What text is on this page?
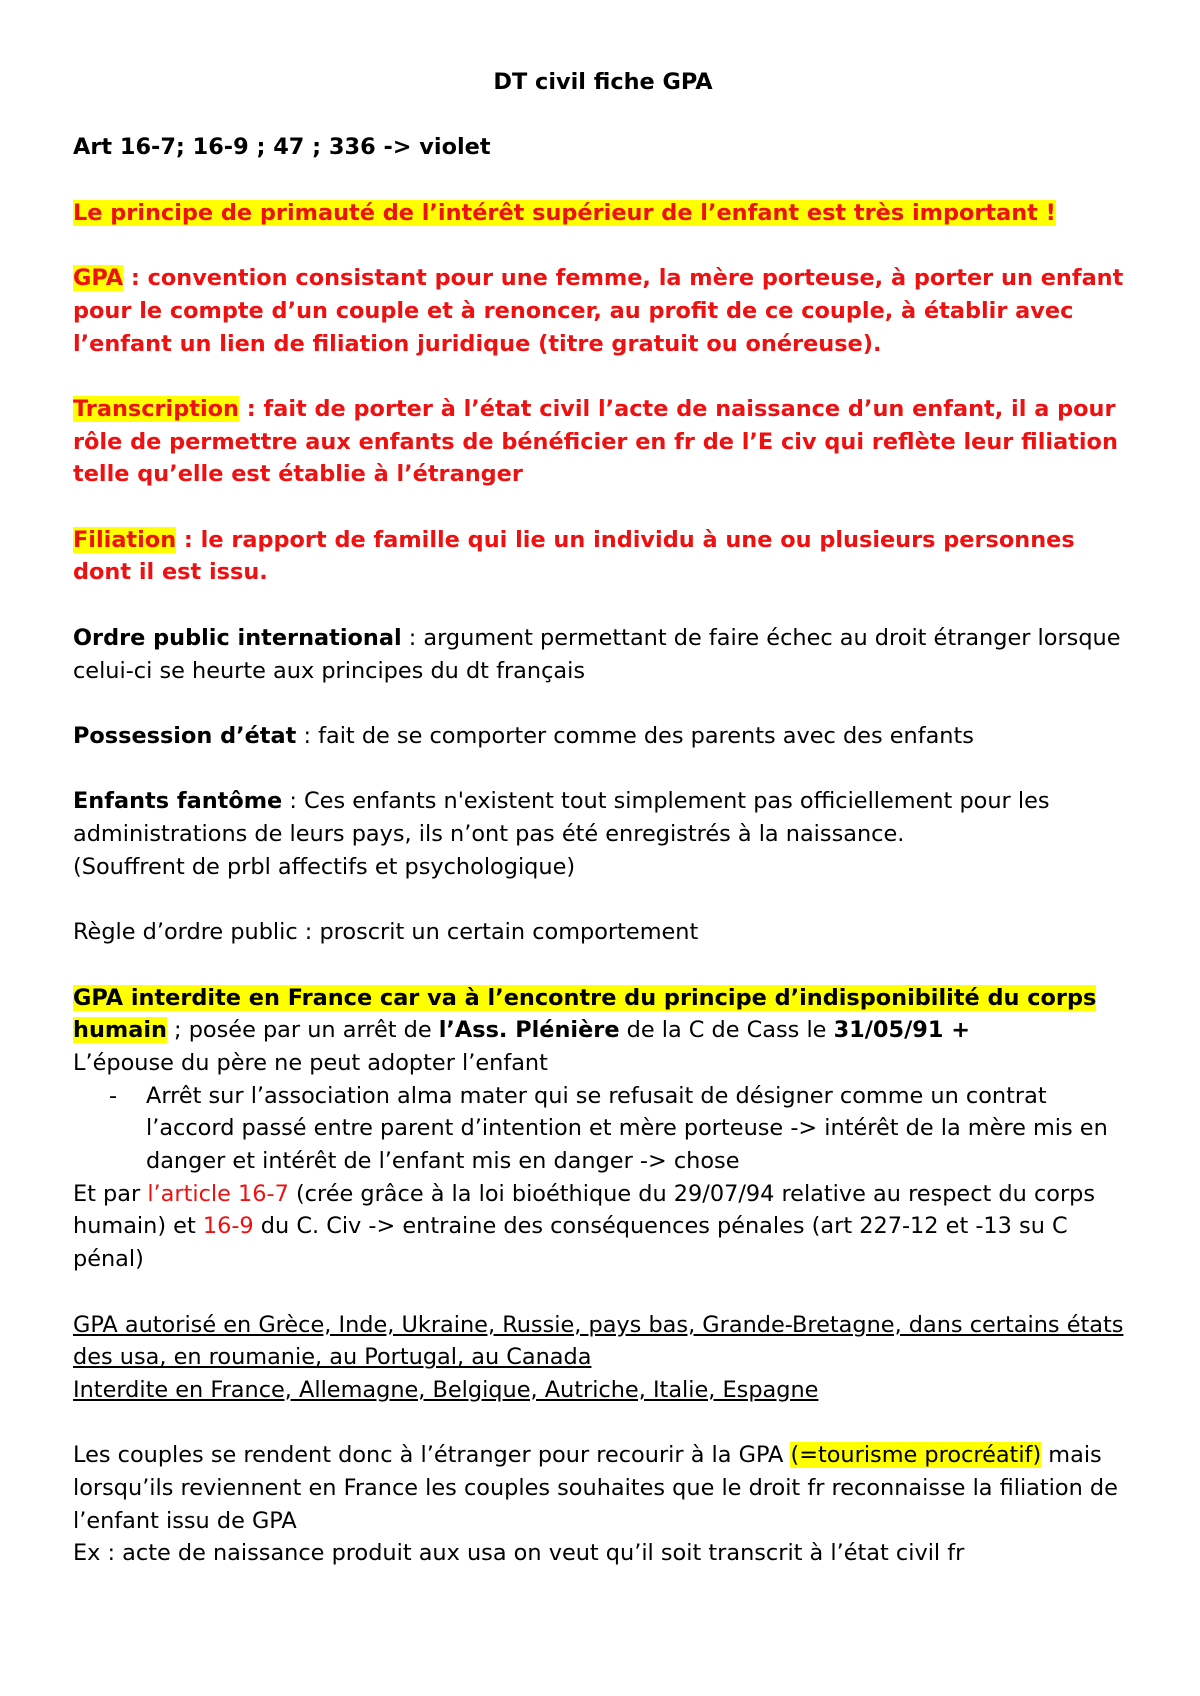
DT civil fiche GPA

Art 16-7; 16-9 ; 47 ; 336 -> violet

Le principe de primauté de l’intérêt supérieur de l’enfant est très important !

GPA : convention consistant pour une femme, la mère porteuse, à porter un enfant pour le compte d’un couple et à renoncer, au profit de ce couple, à établir avec l’enfant un lien de filiation juridique (titre gratuit ou onéreuse).

Transcription : fait de porter à l’état civil l’acte de naissance d’un enfant, il a pour rôle de permettre aux enfants de bénéficier en fr de l’E civ qui reflète leur filiation telle qu’elle est établie à l’étranger

Filiation : le rapport de famille qui lie un individu à une ou plusieurs personnes dont il est issu.

Ordre public international : argument permettant de faire échec au droit étranger lorsque celui-ci se heurte aux principes du dt français

Possession d’état : fait de se comporter comme des parents avec des enfants

Enfants fantôme : Ces enfants n'existent tout simplement pas officiellement pour les administrations de leurs pays, ils n’ont pas été enregistrés à la naissance.

(Souffrent de prbl affectifs et psychologique)

Règle d’ordre public : proscrit un certain comportement

GPA interdite en France car va à l’encontre du principe d’indisponibilité du corps humain ; posée par un arrêt de l’Ass. Plénière de la C de Cass le 31/05/91 +

L’épouse du père ne peut adopter l’enfant

- Arrêt sur l’association alma mater qui se refusait de désigner comme un contrat l’accord passé entre parent d’intention et mère porteuse -> intérêt de la mère mis en danger et intérêt de l’enfant mis en danger -> chose

Et par l’article 16-7 (crée grâce à la loi bioéthique du 29/07/94 relative au respect du corps humain) et 16-9 du C. Civ -> entraine des conséquences pénales (art 227-12 et -13 su C pénal)

GPA autorisé en Grèce, Inde, Ukraine, Russie, pays bas, Grande-Bretagne, dans certains états des usa, en roumanie, au Portugal, au Canada

Interdite en France, Allemagne, Belgique, Autriche, Italie, Espagne

Les couples se rendent donc à l’étranger pour recourir à la GPA (=tourisme procréatif) mais lorsqu’ils reviennent en France les couples souhaites que le droit fr reconnaisse la filiation de l’enfant issu de GPA

Ex : acte de naissance produit aux usa on veut qu’il soit transcrit à l’état civil fr
